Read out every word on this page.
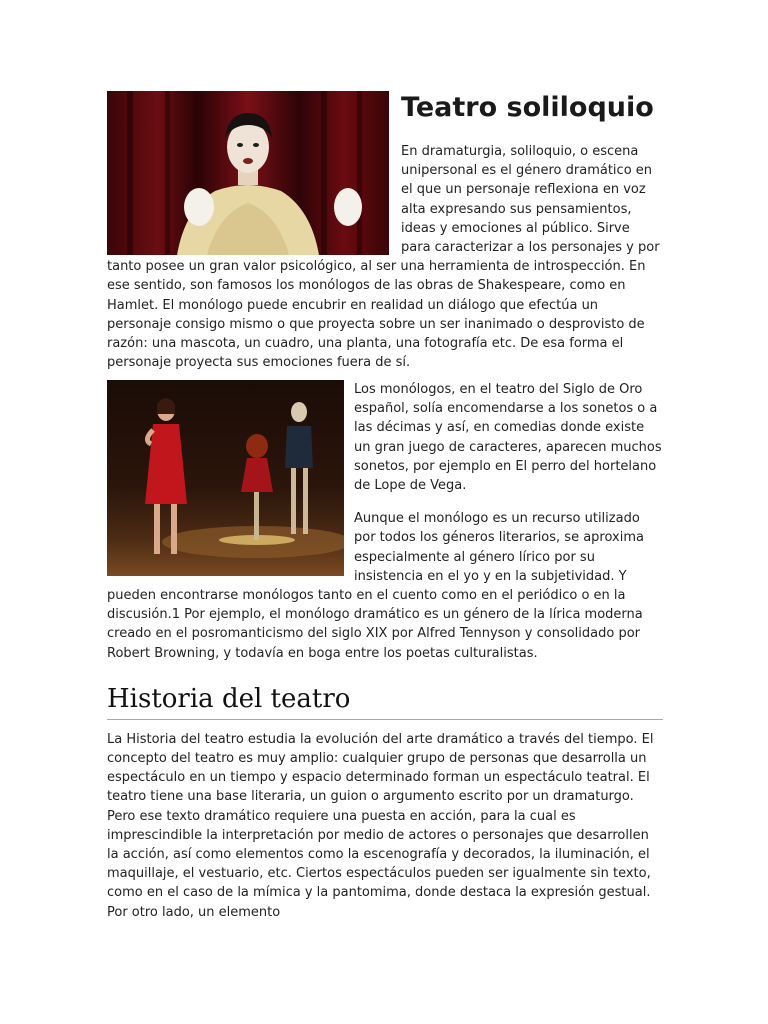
Teatro soliloquio

En dramaturgia, soliloquio, o escena unipersonal es el género dramático en el que un personaje reflexiona en voz alta expresando sus pensamientos, ideas y emociones al público. Sirve para caracterizar a los personajes y por tanto posee un gran valor psicológico, al ser una herramienta de introspección. En ese sentido, son famosos los monólogos de las obras de Shakespeare, como en Hamlet. El monólogo puede encubrir en realidad un diálogo que efectúa un personaje consigo mismo o que proyecta sobre un ser inanimado o desprovisto de razón: una mascota, un cuadro, una planta, una fotografía etc. De esa forma el personaje proyecta sus emociones fuera de sí.

Los monólogos, en el teatro del Siglo de Oro español, solía encomendarse a los sonetos o a las décimas y así, en comedias donde existe un gran juego de caracteres, aparecen muchos sonetos, por ejemplo en El perro del hortelano de Lope de Vega.

Aunque el monólogo es un recurso utilizado por todos los géneros literarios, se aproxima especialmente al género lírico por su insistencia en el yo y en la subjetividad. Y pueden encontrarse monólogos tanto en el cuento como en el periódico o en la discusión.1 Por ejemplo, el monólogo dramático es un género de la lírica moderna creado en el posromanticismo del siglo XIX por Alfred Tennyson y consolidado por Robert Browning, y todavía en boga entre los poetas culturalistas.

Historia del teatro

La Historia del teatro estudia la evolución del arte dramático a través del tiempo. El concepto del teatro es muy amplio: cualquier grupo de personas que desarrolla un espectáculo en un tiempo y espacio determinado forman un espectáculo teatral. El teatro tiene una base literaria, un guion o argumento escrito por un dramaturgo. Pero ese texto dramático requiere una puesta en acción, para la cual es imprescindible la interpretación por medio de actores o personajes que desarrollen la acción, así como elementos como la escenografía y decorados, la iluminación, el maquillaje, el vestuario, etc. Ciertos espectáculos pueden ser igualmente sin texto, como en el caso de la mímica y la pantomima, donde destaca la expresión gestual. Por otro lado, un elemento
